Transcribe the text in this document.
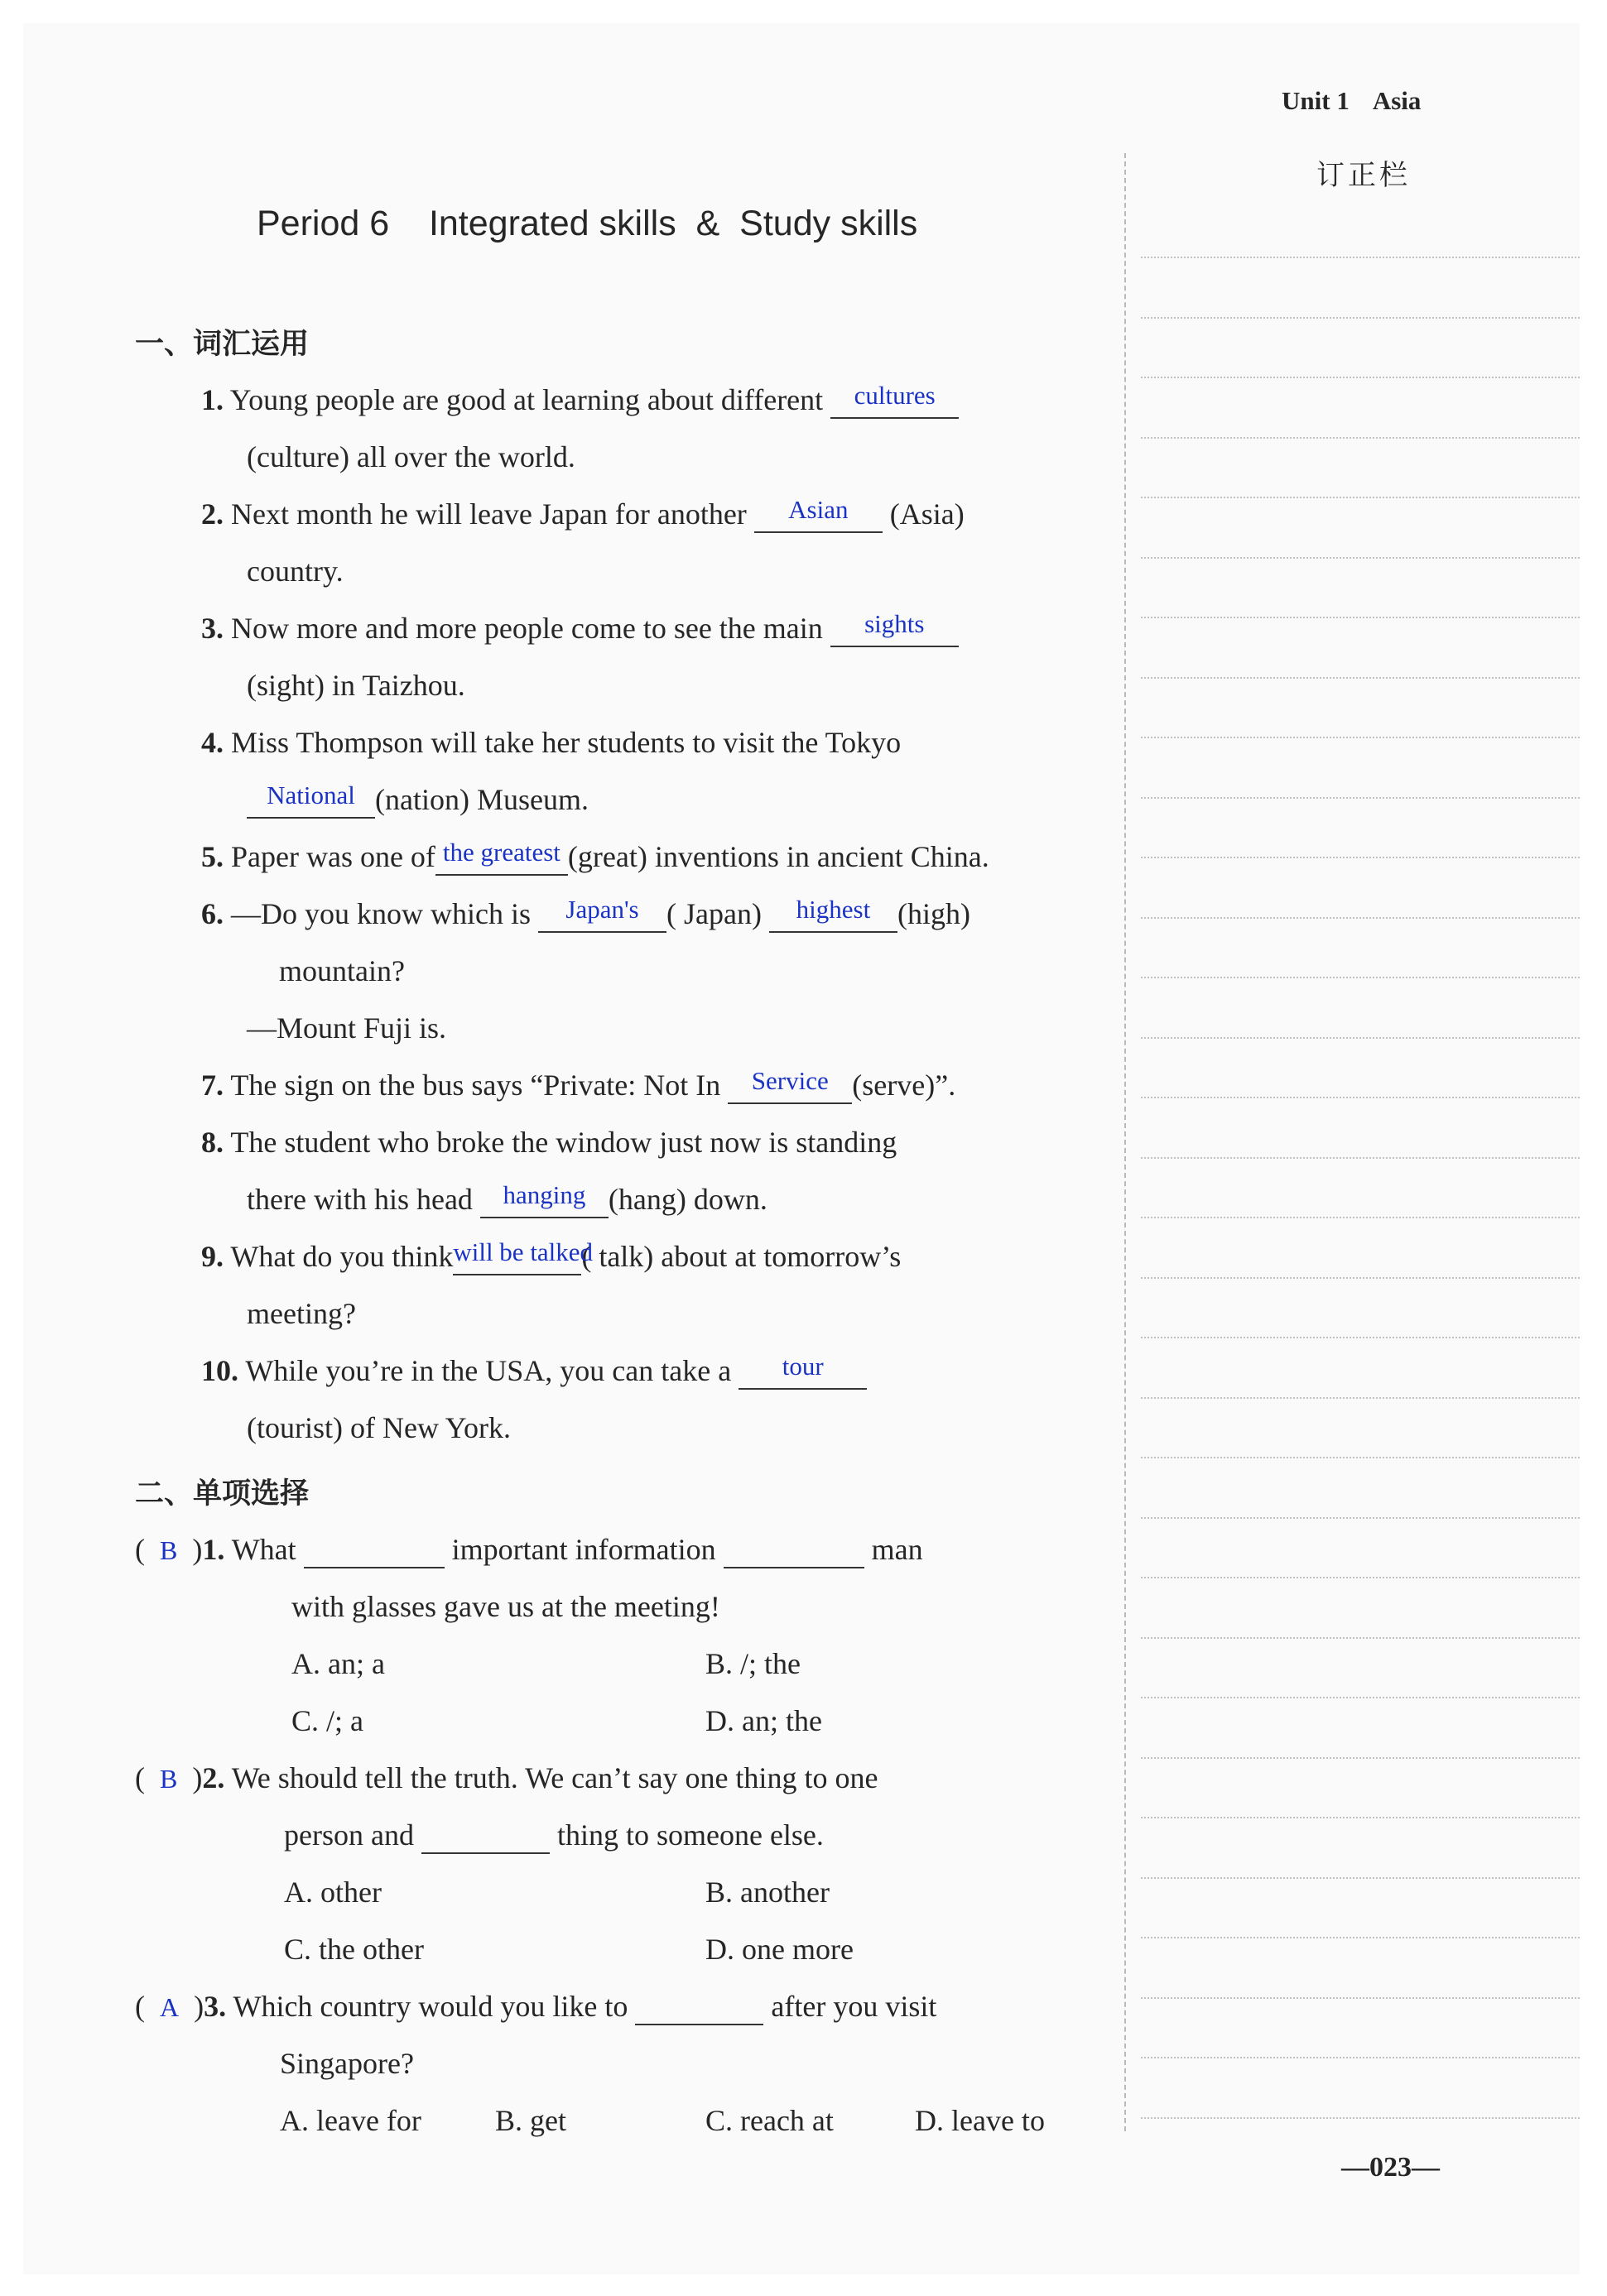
Unit 1 Asia
订正栏
Period 6    Integrated skills  &  Study skills
一、词汇运用
1. Young people are good at learning about different	cultures

(culture) all over the world.
2. Next month he will leave Japan for another	Asian	(Asia)
country.
3. Now more and more people come to see the main	sights

(sight) in Taizhou.
4. Miss Thompson will take her students to visit the Tokyo
National (nation) Museum.
5. Paper was one of the greatest (great) inventions in ancient China.
6. —Do you know which is	Japan's ( Japan)	highest (high)
mountain?
—Mount Fuji is.
7. The sign on the bus says “Private: Not In	Service (serve)”.
8. The student who broke the window just now is standing
there with his head	hanging (hang) down.
9. What do you think will be talked
( talk) about at tomorrow’s
meeting?
10. While you’re in the USA, you can take a	tour

(tourist) of New York.
二、单项选择
(  B  )1. What	important information	man
with glasses gave us at the meeting!
A. an; a	B. /; the
C. /; a	D. an; the
(  B  )2. We should tell the truth. We can’t say one thing to one
person and	thing to someone else.
A. other	B. another
C. the other	D. one more
(  A  )3. Which country would you like to	after you visit
Singapore?
A. leave for B. get	C. reach at	D. leave to
—023—
